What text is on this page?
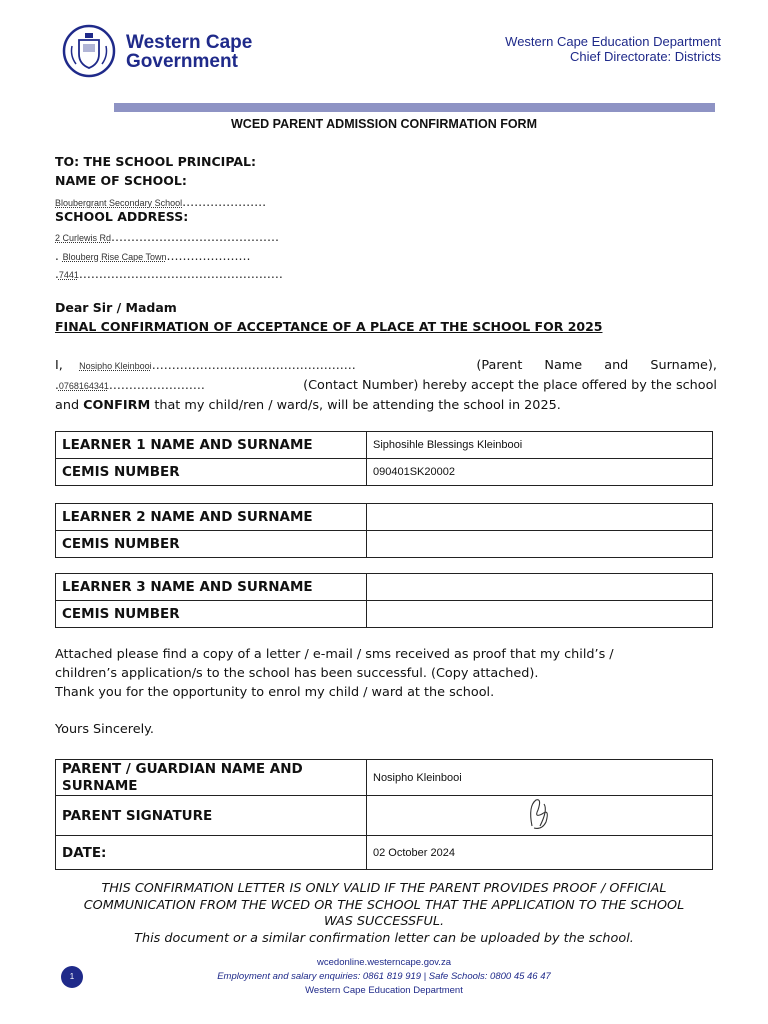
Western Cape
Government
Western Cape Education Department
Chief Directorate: Districts
WCED PARENT ADMISSION CONFIRMATION FORM
TO: THE SCHOOL PRINCIPAL:
NAME OF SCHOOL:
Bloubergrant Secondary School…………………
SCHOOL ADDRESS:
2 Curlewis Rd……………………………………
. Blouberg Rise Cape Town…………………
.7441……………………………………………
Dear Sir / Madam
FINAL CONFIRMATION OF ACCEPTANCE OF A PLACE AT THE SCHOOL FOR 2025
I, Nosipho Kleinbooi……………………………………………	(Parent Name and Surname),
.0768164341……………………	(Contact Number) hereby accept the place offered by the school
and CONFIRM that my child/ren / ward/s, will be attending the school in 2025.
LEARNER 1 NAME AND SURNAME	Siphosihle Blessings Kleinbooi
CEMIS NUMBER	090401SK20002
LEARNER 2 NAME AND SURNAME	
CEMIS NUMBER	
LEARNER 3 NAME AND SURNAME	
CEMIS NUMBER	
Attached please find a copy of a letter / e-mail / sms received as proof that my child’s /
children’s application/s to the school has been successful. (Copy attached).
Thank you for the opportunity to enrol my child / ward at the school.
Yours Sincerely.
PARENT / GUARDIAN NAME AND
SURNAME	Nosipho Kleinbooi
PARENT SIGNATURE	
DATE:	02 October 2024
THIS CONFIRMATION LETTER IS ONLY VALID IF THE PARENT PROVIDES PROOF / OFFICIAL
COMMUNICATION FROM THE WCED OR THE SCHOOL THAT THE APPLICATION TO THE SCHOOL
WAS SUCCESSFUL.
This document or a similar confirmation letter can be uploaded by the school.
1
wcedonline.westerncape.gov.za
Employment and salary enquiries: 0861 819 919 | Safe Schools: 0800 45 46 47
Western Cape Education Department
